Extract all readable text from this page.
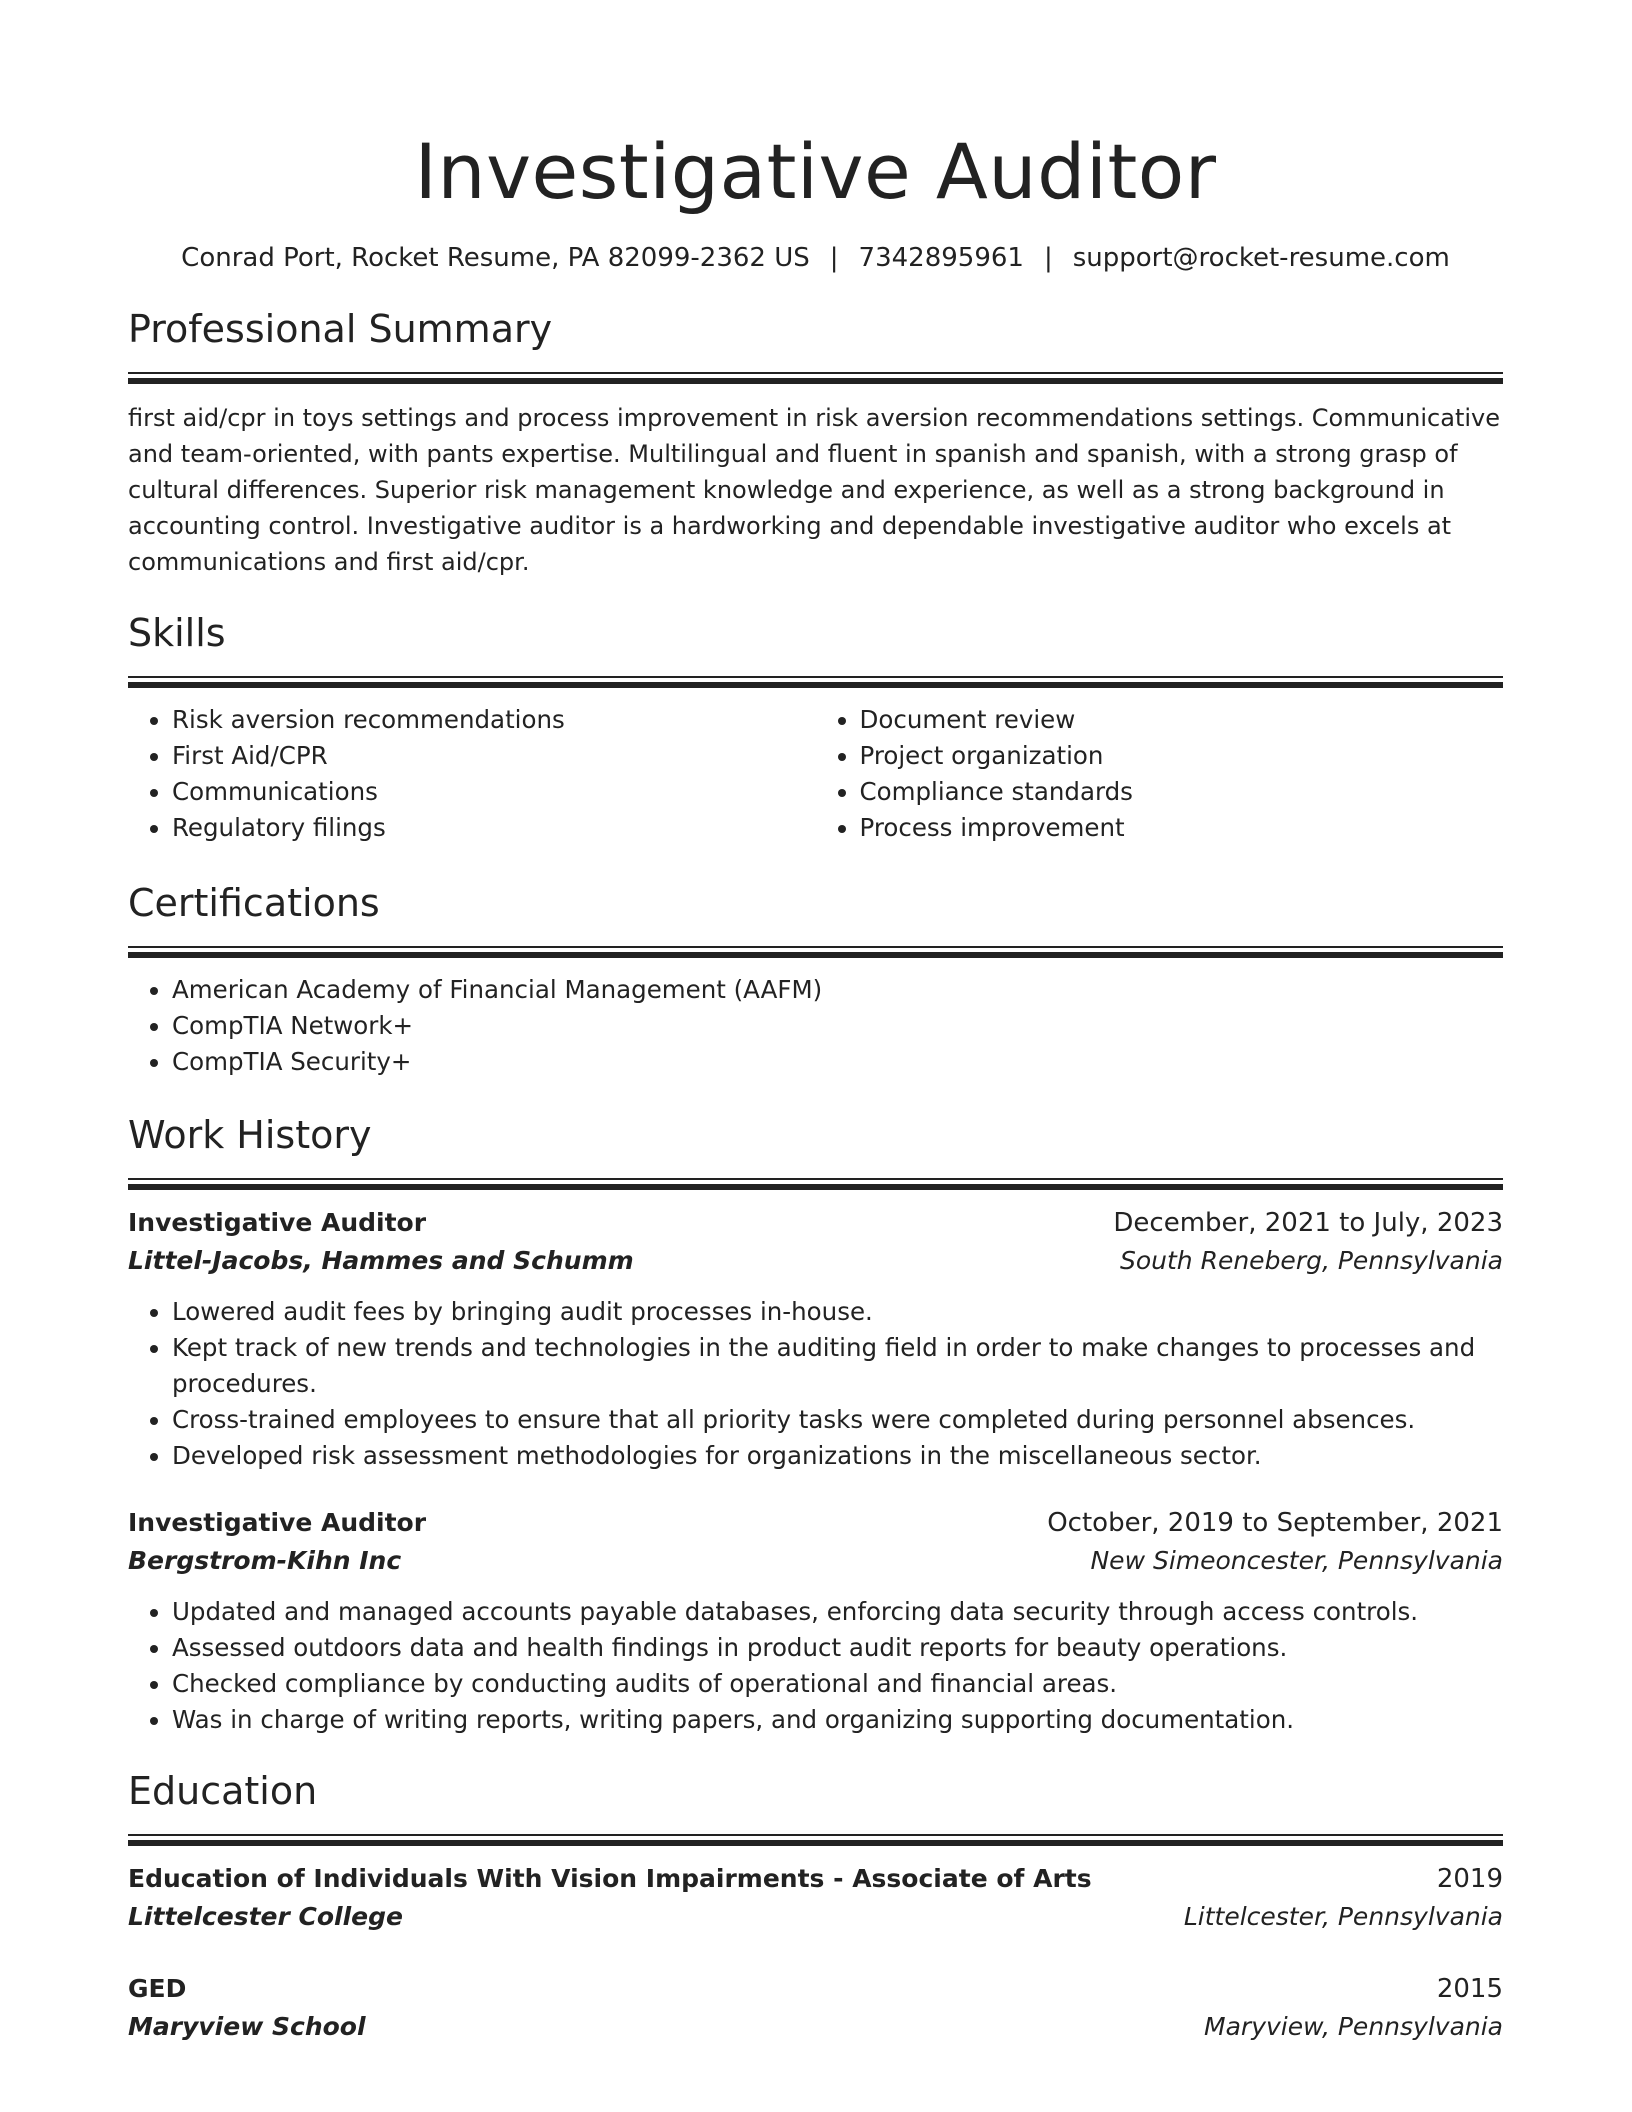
Investigative Auditor
Conrad Port, Rocket Resume, PA 82099-2362 US | 7342895961 | support@rocket-resume.com
Professional Summary

first aid/cpr in toys settings and process improvement in risk aversion recommendations settings. Communicative and team-oriented, with pants expertise. Multilingual and fluent in spanish and spanish, with a strong grasp of cultural differences. Superior risk management knowledge and experience, as well as a strong background in accounting control. Investigative auditor is a hardworking and dependable investigative auditor who excels at communications and first aid/cpr.

Skills
• Risk aversion recommendations
• First Aid/CPR
• Communications
• Regulatory filings
• Document review
• Project organization
• Compliance standards
• Process improvement
Certifications
• American Academy of Financial Management (AAFM)
• CompTIA Network+
• CompTIA Security+
Work History
Investigative Auditor	December, 2021 to July, 2023
Littel-Jacobs, Hammes and Schumm	South Reneberg, Pennsylvania
• Lowered audit fees by bringing audit processes in-house.
• Kept track of new trends and technologies in the auditing field in order to make changes to processes and procedures.
• Cross-trained employees to ensure that all priority tasks were completed during personnel absences.
• Developed risk assessment methodologies for organizations in the miscellaneous sector.
Investigative Auditor	October, 2019 to September, 2021
Bergstrom-Kihn Inc	New Simeoncester, Pennsylvania
• Updated and managed accounts payable databases, enforcing data security through access controls.
• Assessed outdoors data and health findings in product audit reports for beauty operations.
• Checked compliance by conducting audits of operational and financial areas.
• Was in charge of writing reports, writing papers, and organizing supporting documentation.
Education
Education of Individuals With Vision Impairments - Associate of Arts	2019
Littelcester College	Littelcester, Pennsylvania
GED	2015
Maryview School	Maryview, Pennsylvania
